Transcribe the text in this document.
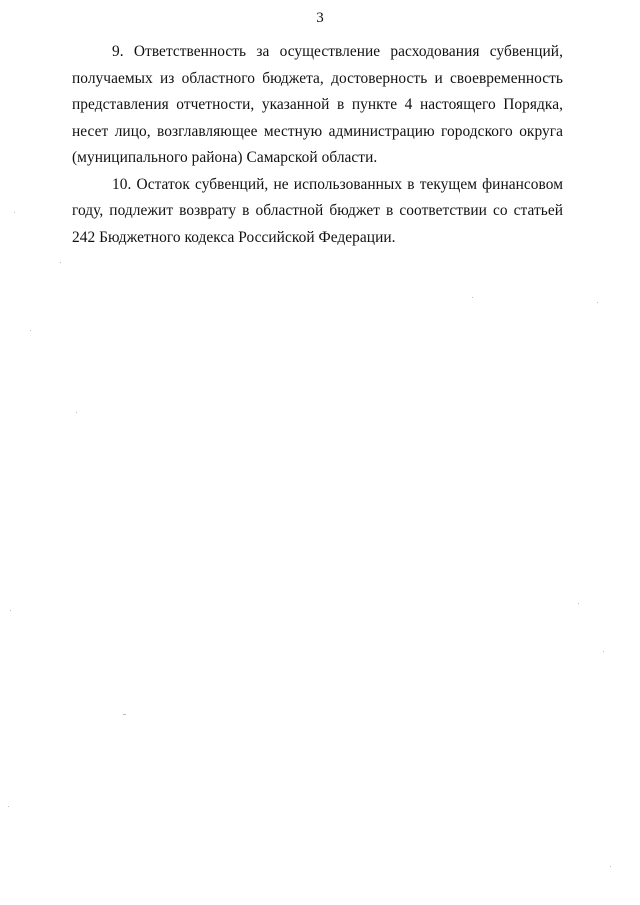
3

9. Ответственность за осуществление расходования субвенций, получаемых из областного бюджета, достоверность и своевременность представления отчетности, указанной в пункте 4 настоящего Порядка, несет лицо, возглавляющее местную администрацию городского округа (муниципального района) Самарской области.

10. Остаток субвенций, не использованных в текущем финансовом году, подлежит возврату в областной бюджет в соответствии со статьей 242 Бюджетного кодекса Российской Федерации.
